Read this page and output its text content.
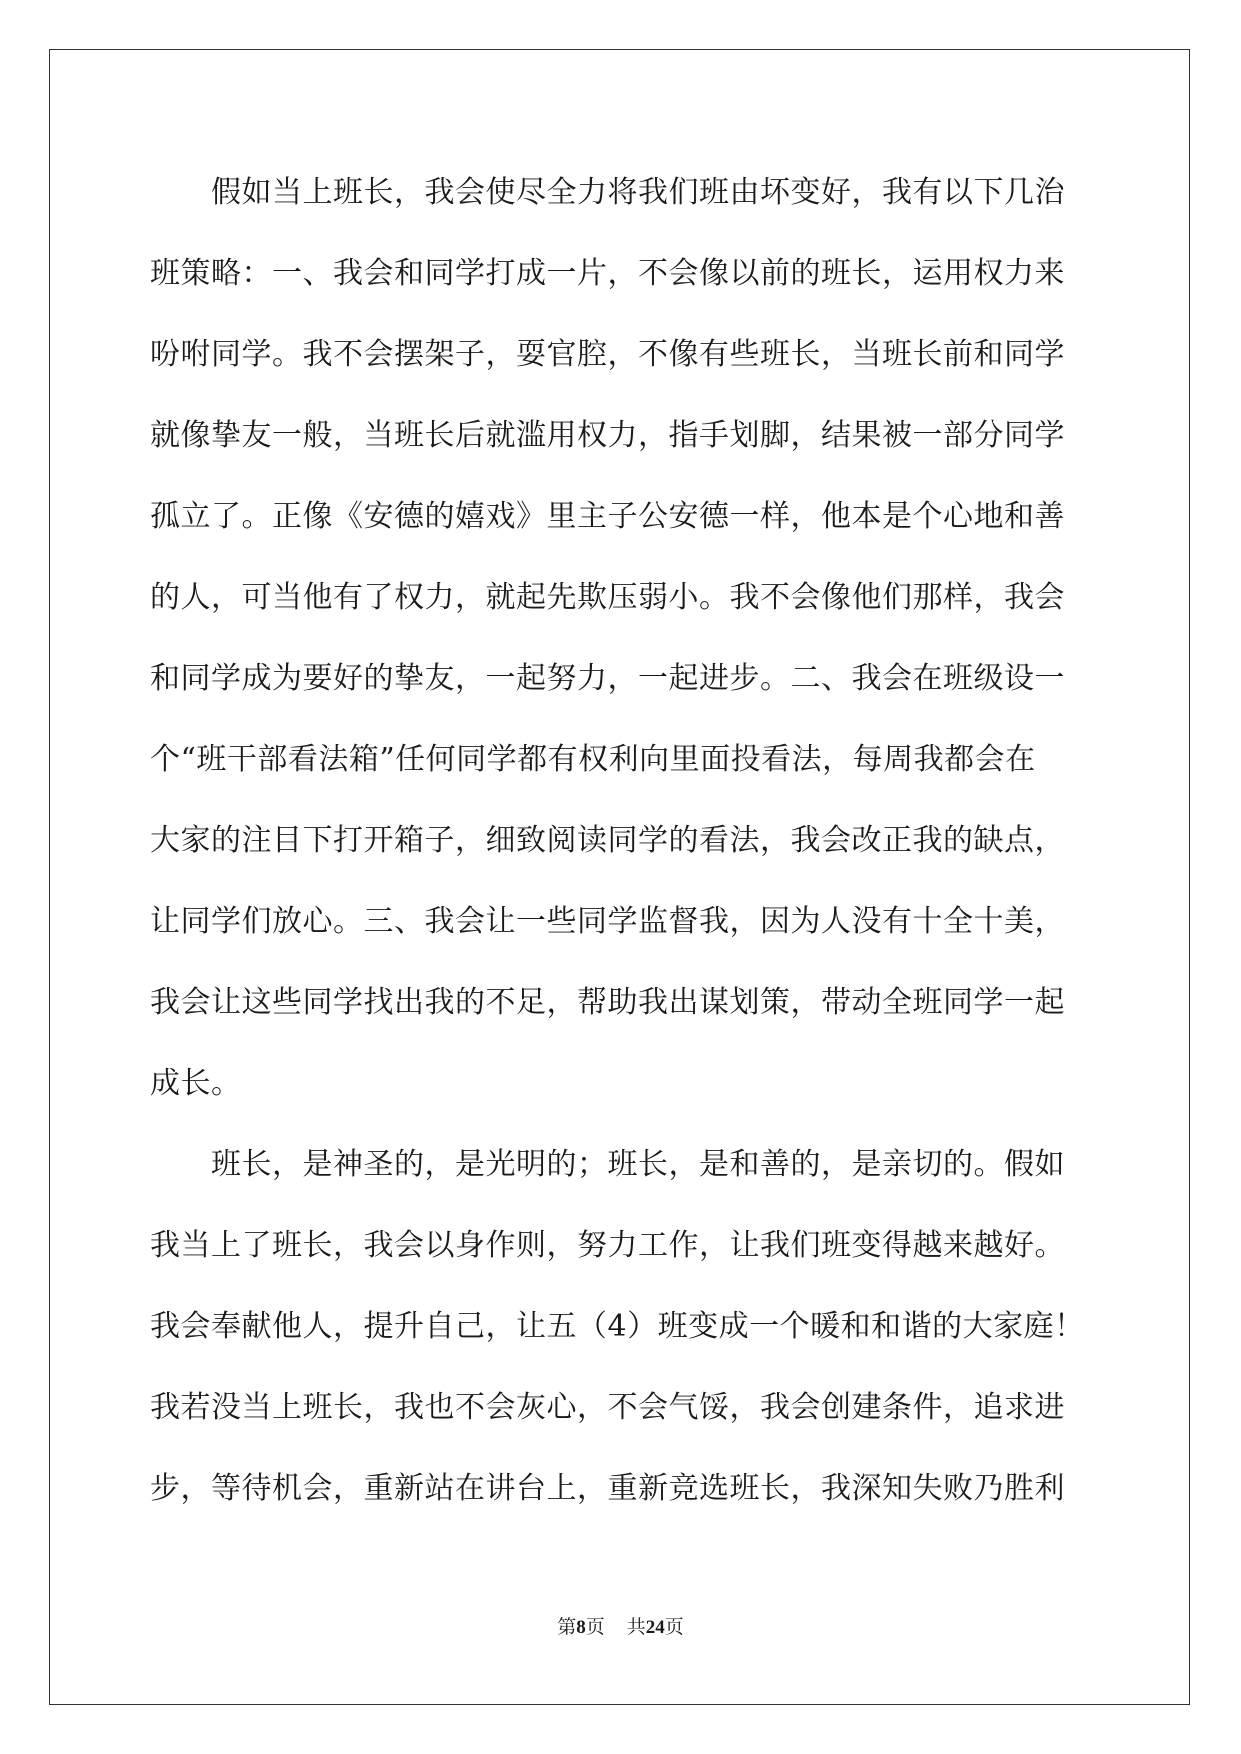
　　假如当上班长，我会使尽全力将我们班由坏变好，我有以下几治
班策略：一、我会和同学打成一片，不会像以前的班长，运用权力来
吩咐同学。我不会摆架子，耍官腔，不像有些班长，当班长前和同学
就像挚友一般，当班长后就滥用权力，指手划脚，结果被一部分同学
孤立了。正像《安德的嬉戏》里主子公安德一样，他本是个心地和善
的人，可当他有了权力，就起先欺压弱小。我不会像他们那样，我会
和同学成为要好的挚友，一起努力，一起进步。二、我会在班级设一
个“班干部看法箱”任何同学都有权利向里面投看法，每周我都会在
大家的注目下打开箱子，细致阅读同学的看法，我会改正我的缺点，
让同学们放心。三、我会让一些同学监督我，因为人没有十全十美，
我会让这些同学找出我的不足，帮助我出谋划策，带动全班同学一起
成长。
　　班长，是神圣的，是光明的；班长，是和善的，是亲切的。假如
我当上了班长，我会以身作则，努力工作，让我们班变得越来越好。
我会奉献他人，提升自己，让五（4）班变成一个暖和和谐的大家庭！
我若没当上班长，我也不会灰心，不会气馁，我会创建条件，追求进
步，等待机会，重新站在讲台上，重新竞选班长，我深知失败乃胜利
第8页 共24页
